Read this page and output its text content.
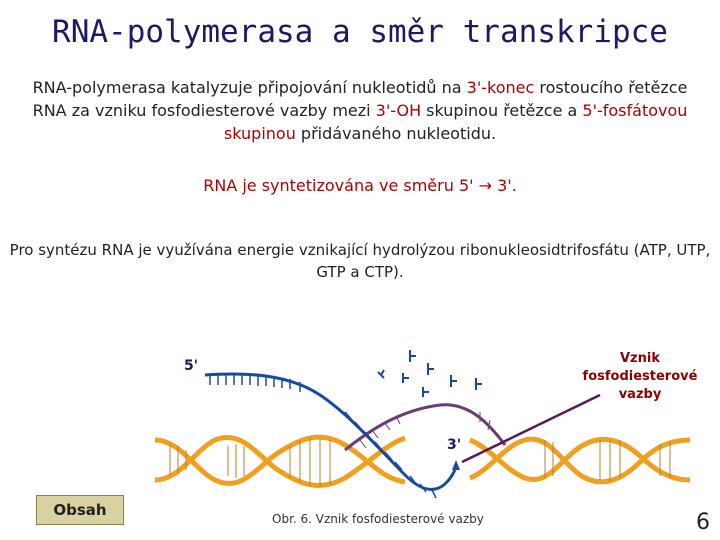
RNA-polymerasa a směr transkripce
RNA-polymerasa katalyzuje připojování nukleotidů na 3'-konec rostoucího řetězce RNA za vzniku fosfodiesterové vazby mezi 3'-OH skupinou řetězce a 5'-fosfátovou skupinou přidávaného nukleotidu.
RNA je syntetizována ve směru 5' → 3'.
Pro syntézu RNA je využívána energie vznikající hydrolýzou ribonukleosidtrifosfátu (ATP, UTP, GTP a CTP).
5'
3'
Vznik fosfodiesterové vazby
Obsah	Obr. 6. Vznik fosfodiesterové vazby	6
